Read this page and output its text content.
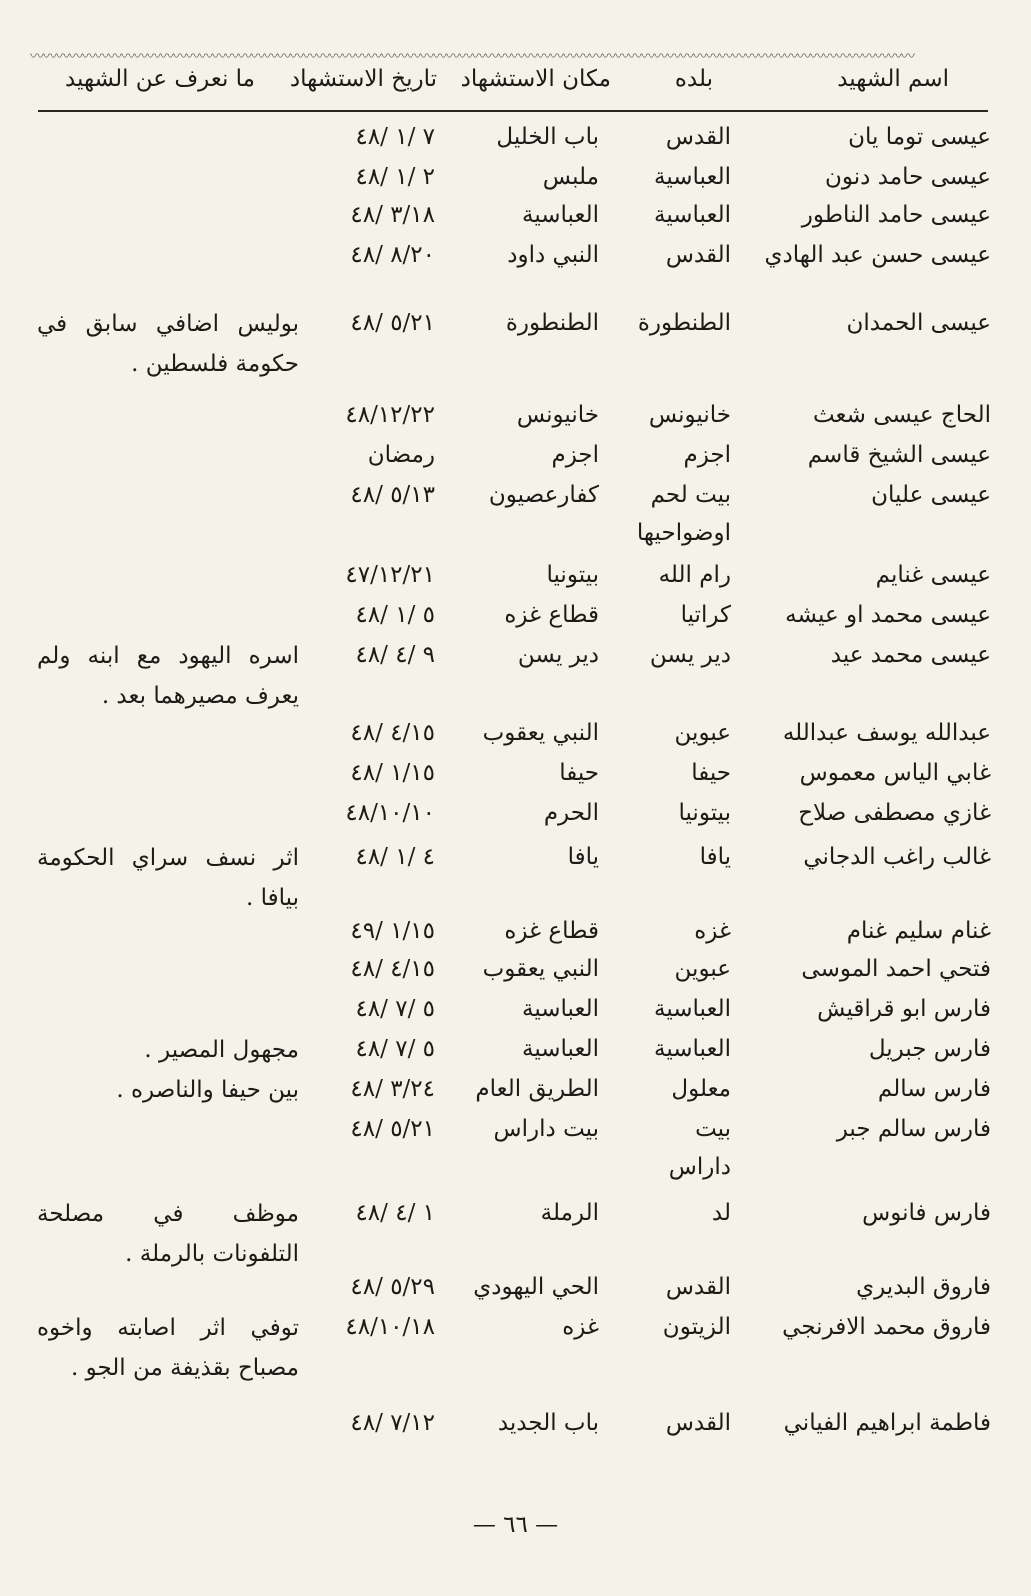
〰〰〰〰〰〰〰〰〰〰〰〰〰〰〰〰〰〰〰〰〰〰〰〰〰〰〰〰〰〰〰〰〰〰〰〰〰〰〰〰〰〰〰〰〰〰〰〰〰〰〰〰〰〰〰〰〰〰〰〰〰〰〰〰〰〰〰〰
اسم الشهيد
بلده
مكان الاستشهاد
تاريخ الاستشهاد
ما نعرف عن الشهيد
عيسى توما يان
القدس
باب الخليل
٧ /١ /٤٨
عيسى حامد دنون
العباسية
ملبس
٢ /١ /٤٨
عيسى حامد الناطور
العباسية
العباسية
٣/١٨ /٤٨
عيسى حسن عبد الهادي
القدس
النبي داود
٨/٢٠ /٤٨
عيسى الحمدان
الطنطورة
الطنطورة
٥/٢١ /٤٨
بوليس اضافي سابق في حكومة فلسطين .
الحاج عيسى شعث
خانيونس
خانيونس
٤٨/١٢/٢٢
عيسى الشيخ قاسم
اجزم
اجزم
رمضان
عيسى عليان
بيت لحم
كفارعصيون
٥/١٣ /٤٨
اوضواحيها
عيسى غنايم
رام الله
بيتونيا
٤٧/١٢/٢١
عيسى محمد او عيشه
كراتيا
قطاع غزه
٥ /١ /٤٨
عيسى محمد عيد
دير يسن
دير يسن
٩ /٤ /٤٨
اسره اليهود مع ابنه ولم يعرف مصيرهما بعد .
عبدالله يوسف عبدالله
عبوين
النبي يعقوب
٤/١٥ /٤٨
غابي الياس معموس
حيفا
حيفا
١/١٥ /٤٨
غازي مصطفى صلاح
بيتونيا
الحرم
٤٨/١٠/١٠
غالب راغب الدجاني
يافا
يافا
٤ /١ /٤٨
اثر نسف سراي الحكومة بيافا .
غنام سليم غنام
غزه
قطاع غزه
١/١٥ /٤٩
فتحي احمد الموسى
عبوين
النبي يعقوب
٤/١٥ /٤٨
فارس ابو قراقيش
العباسية
العباسية
٥ /٧ /٤٨
فارس جبريل
العباسية
العباسية
٥ /٧ /٤٨
مجهول المصير .
فارس سالم
معلول
الطريق العام
٣/٢٤ /٤٨
بين حيفا والناصره .
فارس سالم جبر
بيت
بيت داراس
٥/٢١ /٤٨
داراس
فارس فانوس
لد
الرملة
١ /٤ /٤٨
موظف في مصلحة التلفونات بالرملة .
فاروق البديري
القدس
الحي اليهودي
٥/٢٩ /٤٨
فاروق محمد الافرنجي
الزيتون
غزه
٤٨/١٠/١٨
توفي اثر اصابته واخوه مصباح بقذيفة من الجو .
فاطمة ابراهيم الفياني
القدس
باب الجديد
٧/١٢ /٤٨
— ٦٦ —
